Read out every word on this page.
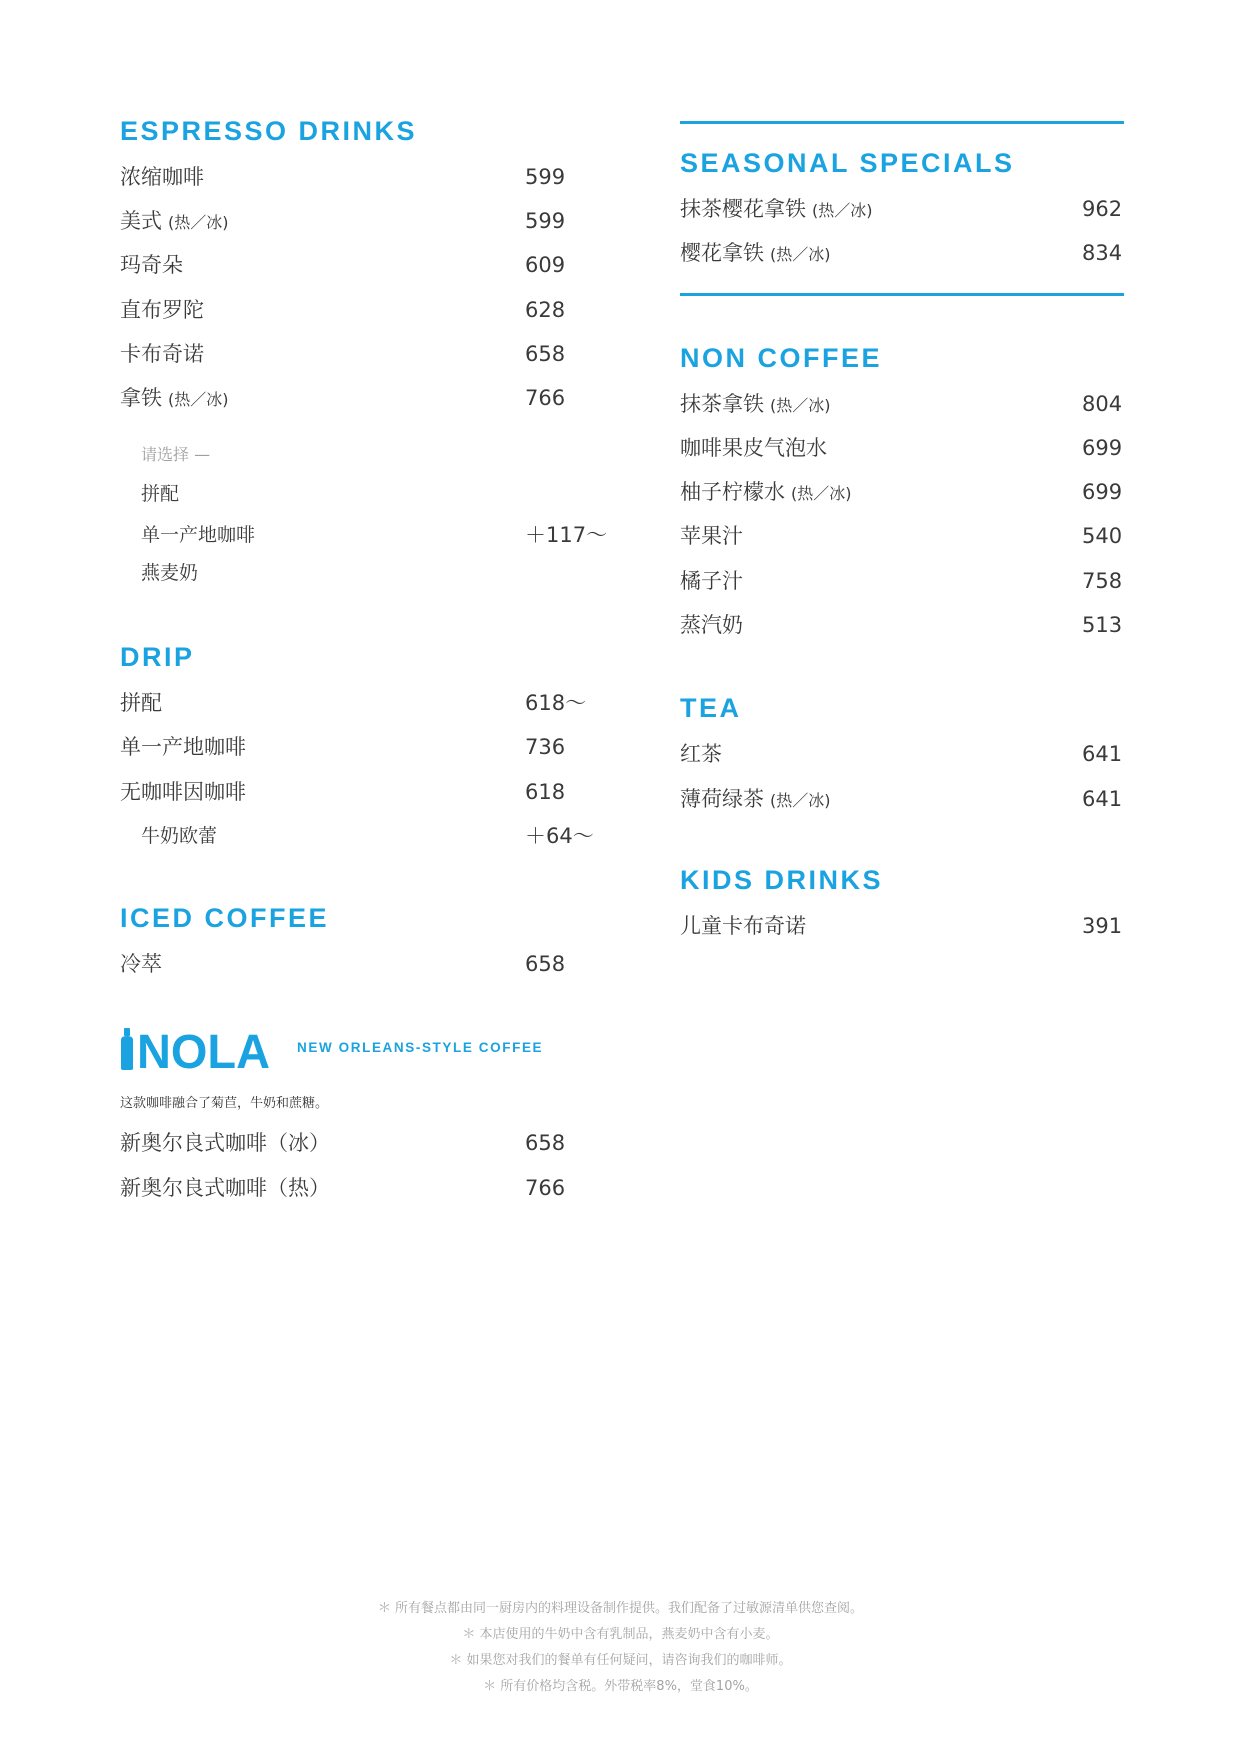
ESPRESSO DRINKS
浓缩咖啡	599
美式 (热／冰)	599
玛奇朵	609
直布罗陀	628
卡布奇诺	658
拿铁 (热／冰)	766
请选择 —
拼配
单一产地咖啡	＋117〜
燕麦奶
DRIP
拼配	618〜
单一产地咖啡	736
无咖啡因咖啡	618
牛奶欧蕾	＋64〜
ICED COFFEE
冷萃	658
NOLA NEW ORLEANS-STYLE COFFEE
这款咖啡融合了菊苣，牛奶和蔗糖。
新奥尔良式咖啡（冰）	658
新奥尔良式咖啡（热）	766
SEASONAL SPECIALS
抹茶樱花拿铁 (热／冰)	962
樱花拿铁 (热／冰)	834
NON COFFEE
抹茶拿铁 (热／冰)	804
咖啡果皮气泡水	699
柚子柠檬水 (热／冰)	699
苹果汁	540
橘子汁	758
蒸汽奶	513
TEA
红茶	641
薄荷绿茶 (热／冰)	641
KIDS DRINKS
儿童卡布奇诺	391
＊ 所有餐点都由同一厨房内的料理设备制作提供。我们配备了过敏源清单供您查阅。
＊ 本店使用的牛奶中含有乳制品，燕麦奶中含有小麦。
＊ 如果您对我们的餐单有任何疑问，请咨询我们的咖啡师。
＊ 所有价格均含税。外带税率8%，堂食10%。
